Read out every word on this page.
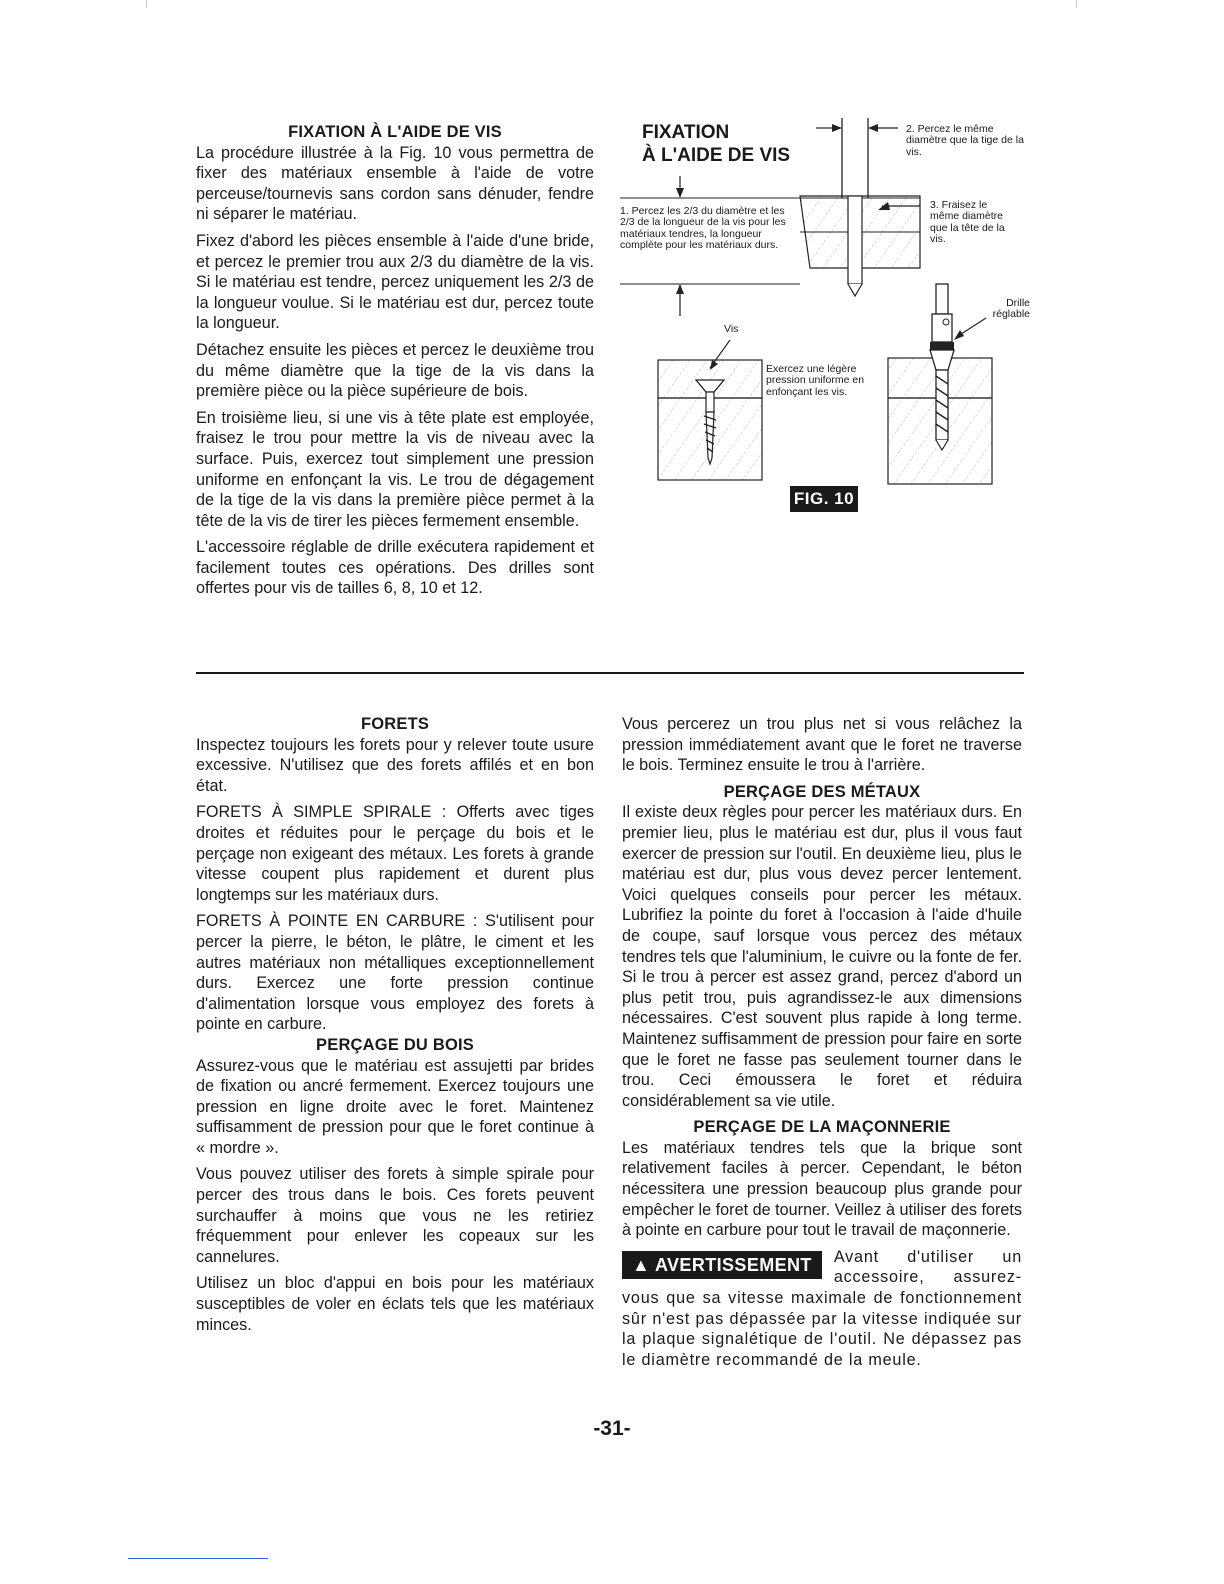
FIXATION À L'AIDE DE VIS

La procédure illustrée à la Fig. 10 vous permettra de fixer des matériaux ensemble à l'aide de votre perceuse/tournevis sans cordon sans dénuder, fendre ni séparer le matériau.

Fixez d'abord les pièces ensemble à l'aide d'une bride, et percez le premier trou aux 2/3 du diamètre de la vis. Si le matériau est tendre, percez uniquement les 2/3 de la longueur voulue. Si le matériau est dur, percez toute la longueur.

Détachez ensuite les pièces et percez le deuxième trou du même diamètre que la tige de la vis dans la première pièce ou la pièce supérieure de bois.

En troisième lieu, si une vis à tête plate est employée, fraisez le trou pour mettre la vis de niveau avec la surface. Puis, exercez tout simplement une pression uniforme en enfonçant la vis. Le trou de dégagement de la tige de la vis dans la première pièce permet à la tête de la vis de tirer les pièces fermement ensemble.

L'accessoire réglable de drille exécutera rapidement et facilement toutes ces opérations. Des drilles sont offertes pour vis de tailles 6, 8, 10 et 12.

FIXATION
À L'AIDE DE VIS
2. Percez le même diamètre que la tige de la vis.
3. Fraisez le même diamètre que la tête de la vis.
1. Percez les 2/3 du diamètre et les 2/3 de la longueur de la vis pour les matériaux tendres, la longueur complète pour les matériaux durs.
Vis
Exercez une légère pression uniforme en enfonçant les vis.
Drille réglable
FIG. 10
FORETS

Inspectez toujours les forets pour y relever toute usure excessive. N'utilisez que des forets affilés et en bon état.

FORETS À SIMPLE SPIRALE : Offerts avec tiges droites et réduites pour le perçage du bois et le perçage non exigeant des métaux. Les forets à grande vitesse coupent plus rapidement et durent plus longtemps sur les matériaux durs.

FORETS À POINTE EN CARBURE : S'utilisent pour percer la pierre, le béton, le plâtre, le ciment et les autres matériaux non métalliques exceptionnellement durs. Exercez une forte pression continue d'alimentation lorsque vous employez des forets à pointe en carbure.

PERÇAGE DU BOIS

Assurez-vous que le matériau est assujetti par brides de fixation ou ancré fermement. Exercez toujours une pression en ligne droite avec le foret. Maintenez suffisamment de pression pour que le foret continue à « mordre ».

Vous pouvez utiliser des forets à simple spirale pour percer des trous dans le bois. Ces forets peuvent surchauffer à moins que vous ne les retiriez fréquemment pour enlever les copeaux sur les cannelures.

Utilisez un bloc d'appui en bois pour les matériaux susceptibles de voler en éclats tels que les matériaux minces.

Vous percerez un trou plus net si vous relâchez la pression immédiatement avant que le foret ne traverse le bois. Terminez ensuite le trou à l'arrière.

PERÇAGE DES MÉTAUX

Il existe deux règles pour percer les matériaux durs. En premier lieu, plus le matériau est dur, plus il vous faut exercer de pression sur l'outil. En deuxième lieu, plus le matériau est dur, plus vous devez percer lentement. Voici quelques conseils pour percer les métaux. Lubrifiez la pointe du foret à l'occasion à l'aide d'huile de coupe, sauf lorsque vous percez des métaux tendres tels que l'aluminium, le cuivre ou la fonte de fer. Si le trou à percer est assez grand, percez d'abord un plus petit trou, puis agrandissez-le aux dimensions nécessaires. C'est souvent plus rapide à long terme. Maintenez suffisamment de pression pour faire en sorte que le foret ne fasse pas seulement tourner dans le trou. Ceci émoussera le foret et réduira considérablement sa vie utile.

PERÇAGE DE LA MAÇONNERIE

Les matériaux tendres tels que la brique sont relativement faciles à percer. Cependant, le béton nécessitera une pression beaucoup plus grande pour empêcher le foret de tourner. Veillez à utiliser des forets à pointe en carbure pour tout le travail de maçonnerie.

▲ AVERTISSEMENT	Avant d'utiliser un accessoire, assurez-vous que sa vitesse maximale de fonctionnement sûr n'est pas dépassée par la vitesse indiquée sur la plaque signalétique de l'outil. Ne dépassez pas le diamètre recommandé de la meule.
-31-
